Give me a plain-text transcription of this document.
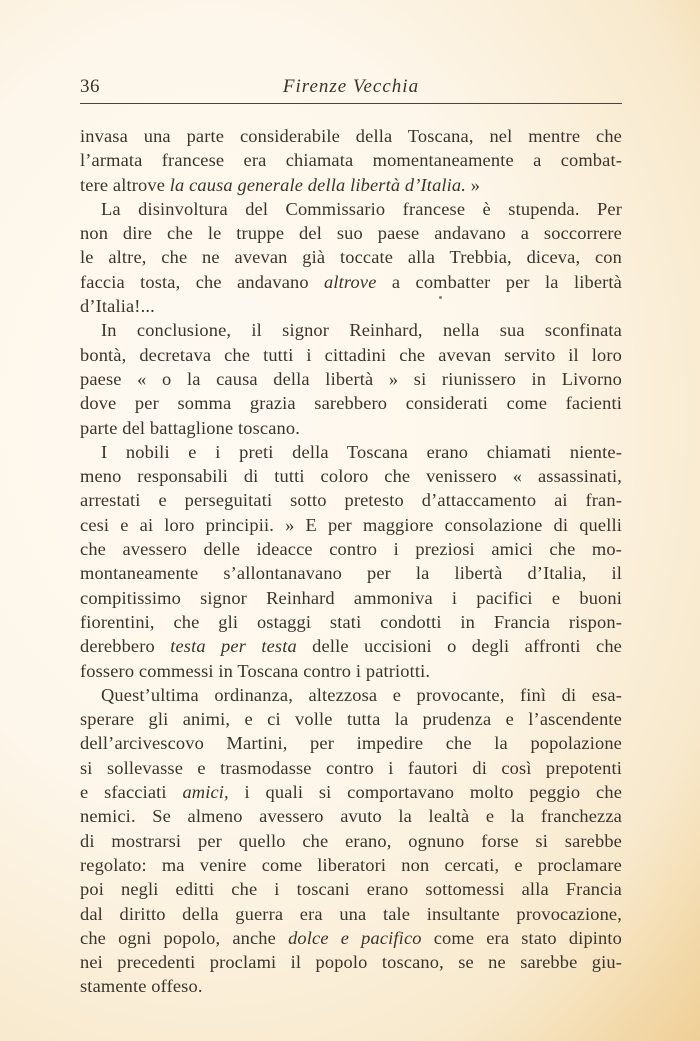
36	Firenze Vecchia
invasa una parte considerabile della Toscana, nel mentre che
l’armata francese era chiamata momentaneamente a combat-
tere altrove la causa generale della libertà d’Italia. »
La disinvoltura del Commissario francese è stupenda. Per
non dire che le truppe del suo paese andavano a soccorrere
le altre, che ne avevan già toccate alla Trebbia, diceva, con
faccia tosta, che andavano altrove a combatter per la libertà
d’Italia!...
In conclusione, il signor Reinhard, nella sua sconfinata
bontà, decretava che tutti i cittadini che avevan servito il loro
paese « o la causa della libertà » si riunissero in Livorno
dove per somma grazia sarebbero considerati come facienti
parte del battaglione toscano.
I nobili e i preti della Toscana erano chiamati niente-
meno responsabili di tutti coloro che venissero « assassinati,
arrestati e perseguitati sotto pretesto d’attaccamento ai fran-
cesi e ai loro principii. » E per maggiore consolazione di quelli
che avessero delle ideacce contro i preziosi amici che mo-
montaneamente s’allontanavano per la libertà d’Italia, il
compitissimo signor Reinhard ammoniva i pacifici e buoni
fiorentini, che gli ostaggi stati condotti in Francia rispon-
derebbero testa per testa delle uccisioni o degli affronti che
fossero commessi in Toscana contro i patriotti.
Quest’ultima ordinanza, altezzosa e provocante, finì di esa-
sperare gli animi, e ci volle tutta la prudenza e l’ascendente
dell’arcivescovo Martini, per impedire che la popolazione
si sollevasse e trasmodasse contro i fautori di così prepotenti
e sfacciati amici, i quali si comportavano molto peggio che
nemici. Se almeno avessero avuto la lealtà e la franchezza
di mostrarsi per quello che erano, ognuno forse si sarebbe
regolato: ma venire come liberatori non cercati, e proclamare
poi negli editti che i toscani erano sottomessi alla Francia
dal diritto della guerra era una tale insultante provocazione,
che ogni popolo, anche dolce e pacifico come era stato dipinto
nei precedenti proclami il popolo toscano, se ne sarebbe giu-
stamente offeso.
